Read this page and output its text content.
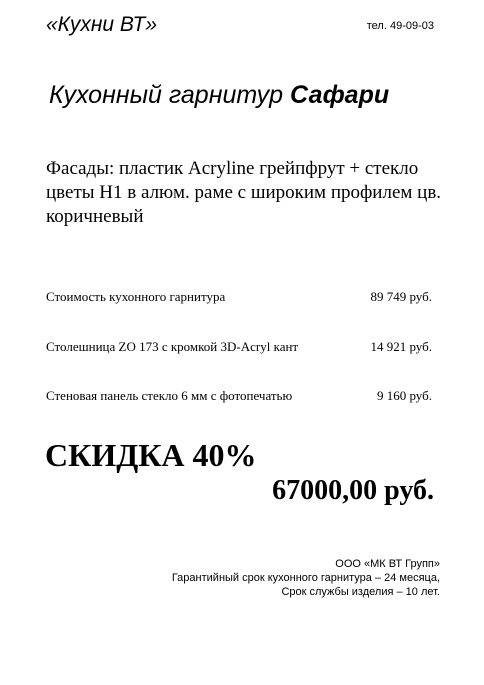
«Кухни ВТ»	тел. 49-09-03
Кухонный гарнитур Сафари
Фасады: пластик Acryline грейпфрут + стекло цветы Н1 в алюм. раме с широким профилем цв. коричневый
Стоимость кухонного гарнитура	89 749 руб.
Столешница ZO 173 с кромкой 3D-Acryl кант	14 921 руб.
Стеновая панель стекло 6 мм с фотопечатью	9 160 руб.
СКИДКА 40%
67000,00 руб.
ООО «МК ВТ Групп»
Гарантийный срок кухонного гарнитура – 24 месяца,
Срок службы изделия – 10 лет.
